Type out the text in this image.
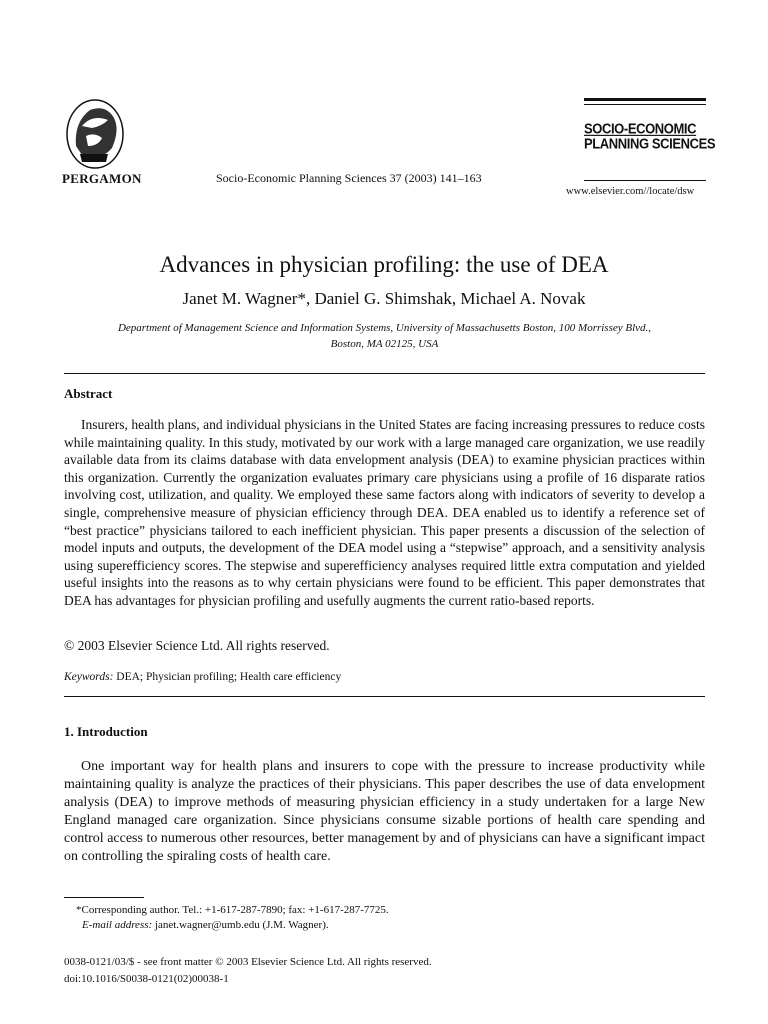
PERGAMON	Socio-Economic Planning Sciences 37 (2003) 141–163
SOCIO-ECONOMIC
PLANNING SCIENCES
www.elsevier.com//locate/dsw
Advances in physician profiling: the use of DEA
Janet M. Wagner*, Daniel G. Shimshak, Michael A. Novak
Department of Management Science and Information Systems, University of Massachusetts Boston, 100 Morrissey Blvd.,
Boston, MA 02125, USA
Abstract

Insurers, health plans, and individual physicians in the United States are facing increasing pressures to reduce costs while maintaining quality. In this study, motivated by our work with a large managed care organization, we use readily available data from its claims database with data envelopment analysis (DEA) to examine physician practices within this organization. Currently the organization evaluates primary care physicians using a profile of 16 disparate ratios involving cost, utilization, and quality. We employed these same factors along with indicators of severity to develop a single, comprehensive measure of physician efficiency through DEA. DEA enabled us to identify a reference set of “best practice” physicians tailored to each inefficient physician. This paper presents a discussion of the selection of model inputs and outputs, the development of the DEA model using a “stepwise” approach, and a sensitivity analysis using superefficiency scores. The stepwise and superefficiency analyses required little extra computation and yielded useful insights into the reasons as to why certain physicians were found to be efficient. This paper demonstrates that DEA has advantages for physician profiling and usefully augments the current ratio-based reports.

© 2003 Elsevier Science Ltd. All rights reserved.
Keywords: DEA; Physician profiling; Health care efficiency
1. Introduction

One important way for health plans and insurers to cope with the pressure to increase productivity while maintaining quality is analyze the practices of their physicians. This paper describes the use of data envelopment analysis (DEA) to improve methods of measuring physician efficiency in a study undertaken for a large New England managed care organization. Since physicians consume sizable portions of health care spending and control access to numerous other resources, better management by and of physicians can have a significant impact on controlling the spiraling costs of health care.

*Corresponding author. Tel.: +1-617-287-7890; fax: +1-617-287-7725.
E-mail address: janet.wagner@umb.edu (J.M. Wagner).
0038-0121/03/$ - see front matter © 2003 Elsevier Science Ltd. All rights reserved.
doi:10.1016/S0038-0121(02)00038-1
